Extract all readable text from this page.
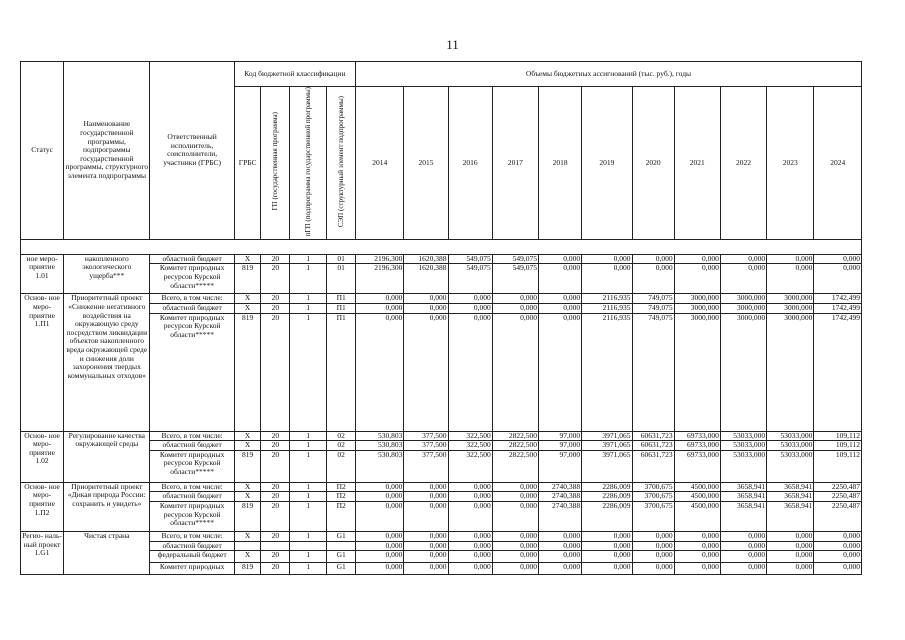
11
Статус	Наименование государственной программы, подпрограммы государственной программы, структурного элемента подпрограммы	Ответственный исполнитель, соисполнители, участники (ГРБС)	Код бюджетной классификации				Объемы бюджетных ассигнований (тыс. руб.), годы										
			ГРБС	ГП (государственная программа)	пГП (подпрограмма государственной программы)	СЭП (структурный элемент подпрограммы)	2014	2015	2016	2017	2018	2019	2020	2021	2022	2023	2024

ное меро- приятие 1.01	накопленного экологического ущерба***	областной бюджет	X	20	1	01	2196,300	1620,388	549,075	549,075	0,000	0,000	0,000	0,000	0,000	0,000	0,000
		Комитет природных ресурсов Курской области*****	819	20	1	01	2196,300	1620,388	549,075	549,075	0,000	0,000	0,000	0,000	0,000	0,000	0,000
Основ- ное меро- приятие 1.П1	Приоритетный проект «Снижение негативного воздействия на окружающую среду посредством ликвидации объектов накопленного вреда окружающей среде и снижения доли захоронения твердых коммунальных отходов»	Всего, в том числе:	X	20	1	П1	0,000	0,000	0,000	0,000	0,000	2116,935	749,075	3000,000	3000,000	3000,000	1742,499
		областной бюджет	X	20	1	П1	0,000	0,000	0,000	0,000	0,000	2116,935	749,075	3000,000	3000,000	3000,000	1742,499
		Комитет природных ресурсов Курской области*****	819	20	1	П1	0,000	0,000	0,000	0,000	0,000	2116,935	749,075	3000,000	3000,000	3000,000	1742,499
Основ- ное меро- приятие 1.02	Регулирование качества окружающей среды	Всего, в том числе:	X	20	1	02	530,803	377,500	322,500	2822,500	97,000	3971,065	60631,723	69733,000	53033,000	53033,000	109,112
		областной бюджет	X	20	1	02	530,803	377,500	322,500	2822,500	97,000	3971,065	60631,723	69733,000	53033,000	53033,000	109,112
		Комитет природных ресурсов Курской области*****	819	20	1	02	530,803	377,500	322,500	2822,500	97,000	3971,065	60631,723	69733,000	53033,000	53033,000	109,112
Основ- ное меро- приятие 1.П2	Приоритетный проект «Дикая природа России: сохранить и увидеть»	Всего, в том числе:	X	20	1	П2	0,000	0,000	0,000	0,000	2740,388	2286,009	3700,675	4500,000	3658,941	3658,941	2250,487
		областной бюджет	X	20	1	П2	0,000	0,000	0,000	0,000	2740,388	2286,009	3700,675	4500,000	3658,941	3658,941	2250,487
		Комитет природных ресурсов Курской области*****	819	20	1	П2	0,000	0,000	0,000	0,000	2740,388	2286,009	3700,675	4500,000	3658,941	3658,941	2250,487
Регио- наль- ный проект 1.G1	Чистая страна	Всего, в том числе:	X	20	1	G1	0,000	0,000	0,000	0,000	0,000	0,000	0,000	0,000	0,000	0,000	0,000
		областной бюджет					0,000	0,000	0,000	0,000	0,000	0,000	0,000	0,000	0,000	0,000	0,000
		федеральный бюджет	X	20	1	G1	0,000	0,000	0,000	0,000	0,000	0,000	0,000	0,000	0,000	0,000	0,000
		Комитет природных	819	20	1	G1	0,000	0,000	0,000	0,000	0,000	0,000	0,000	0,000	0,000	0,000	0,000
